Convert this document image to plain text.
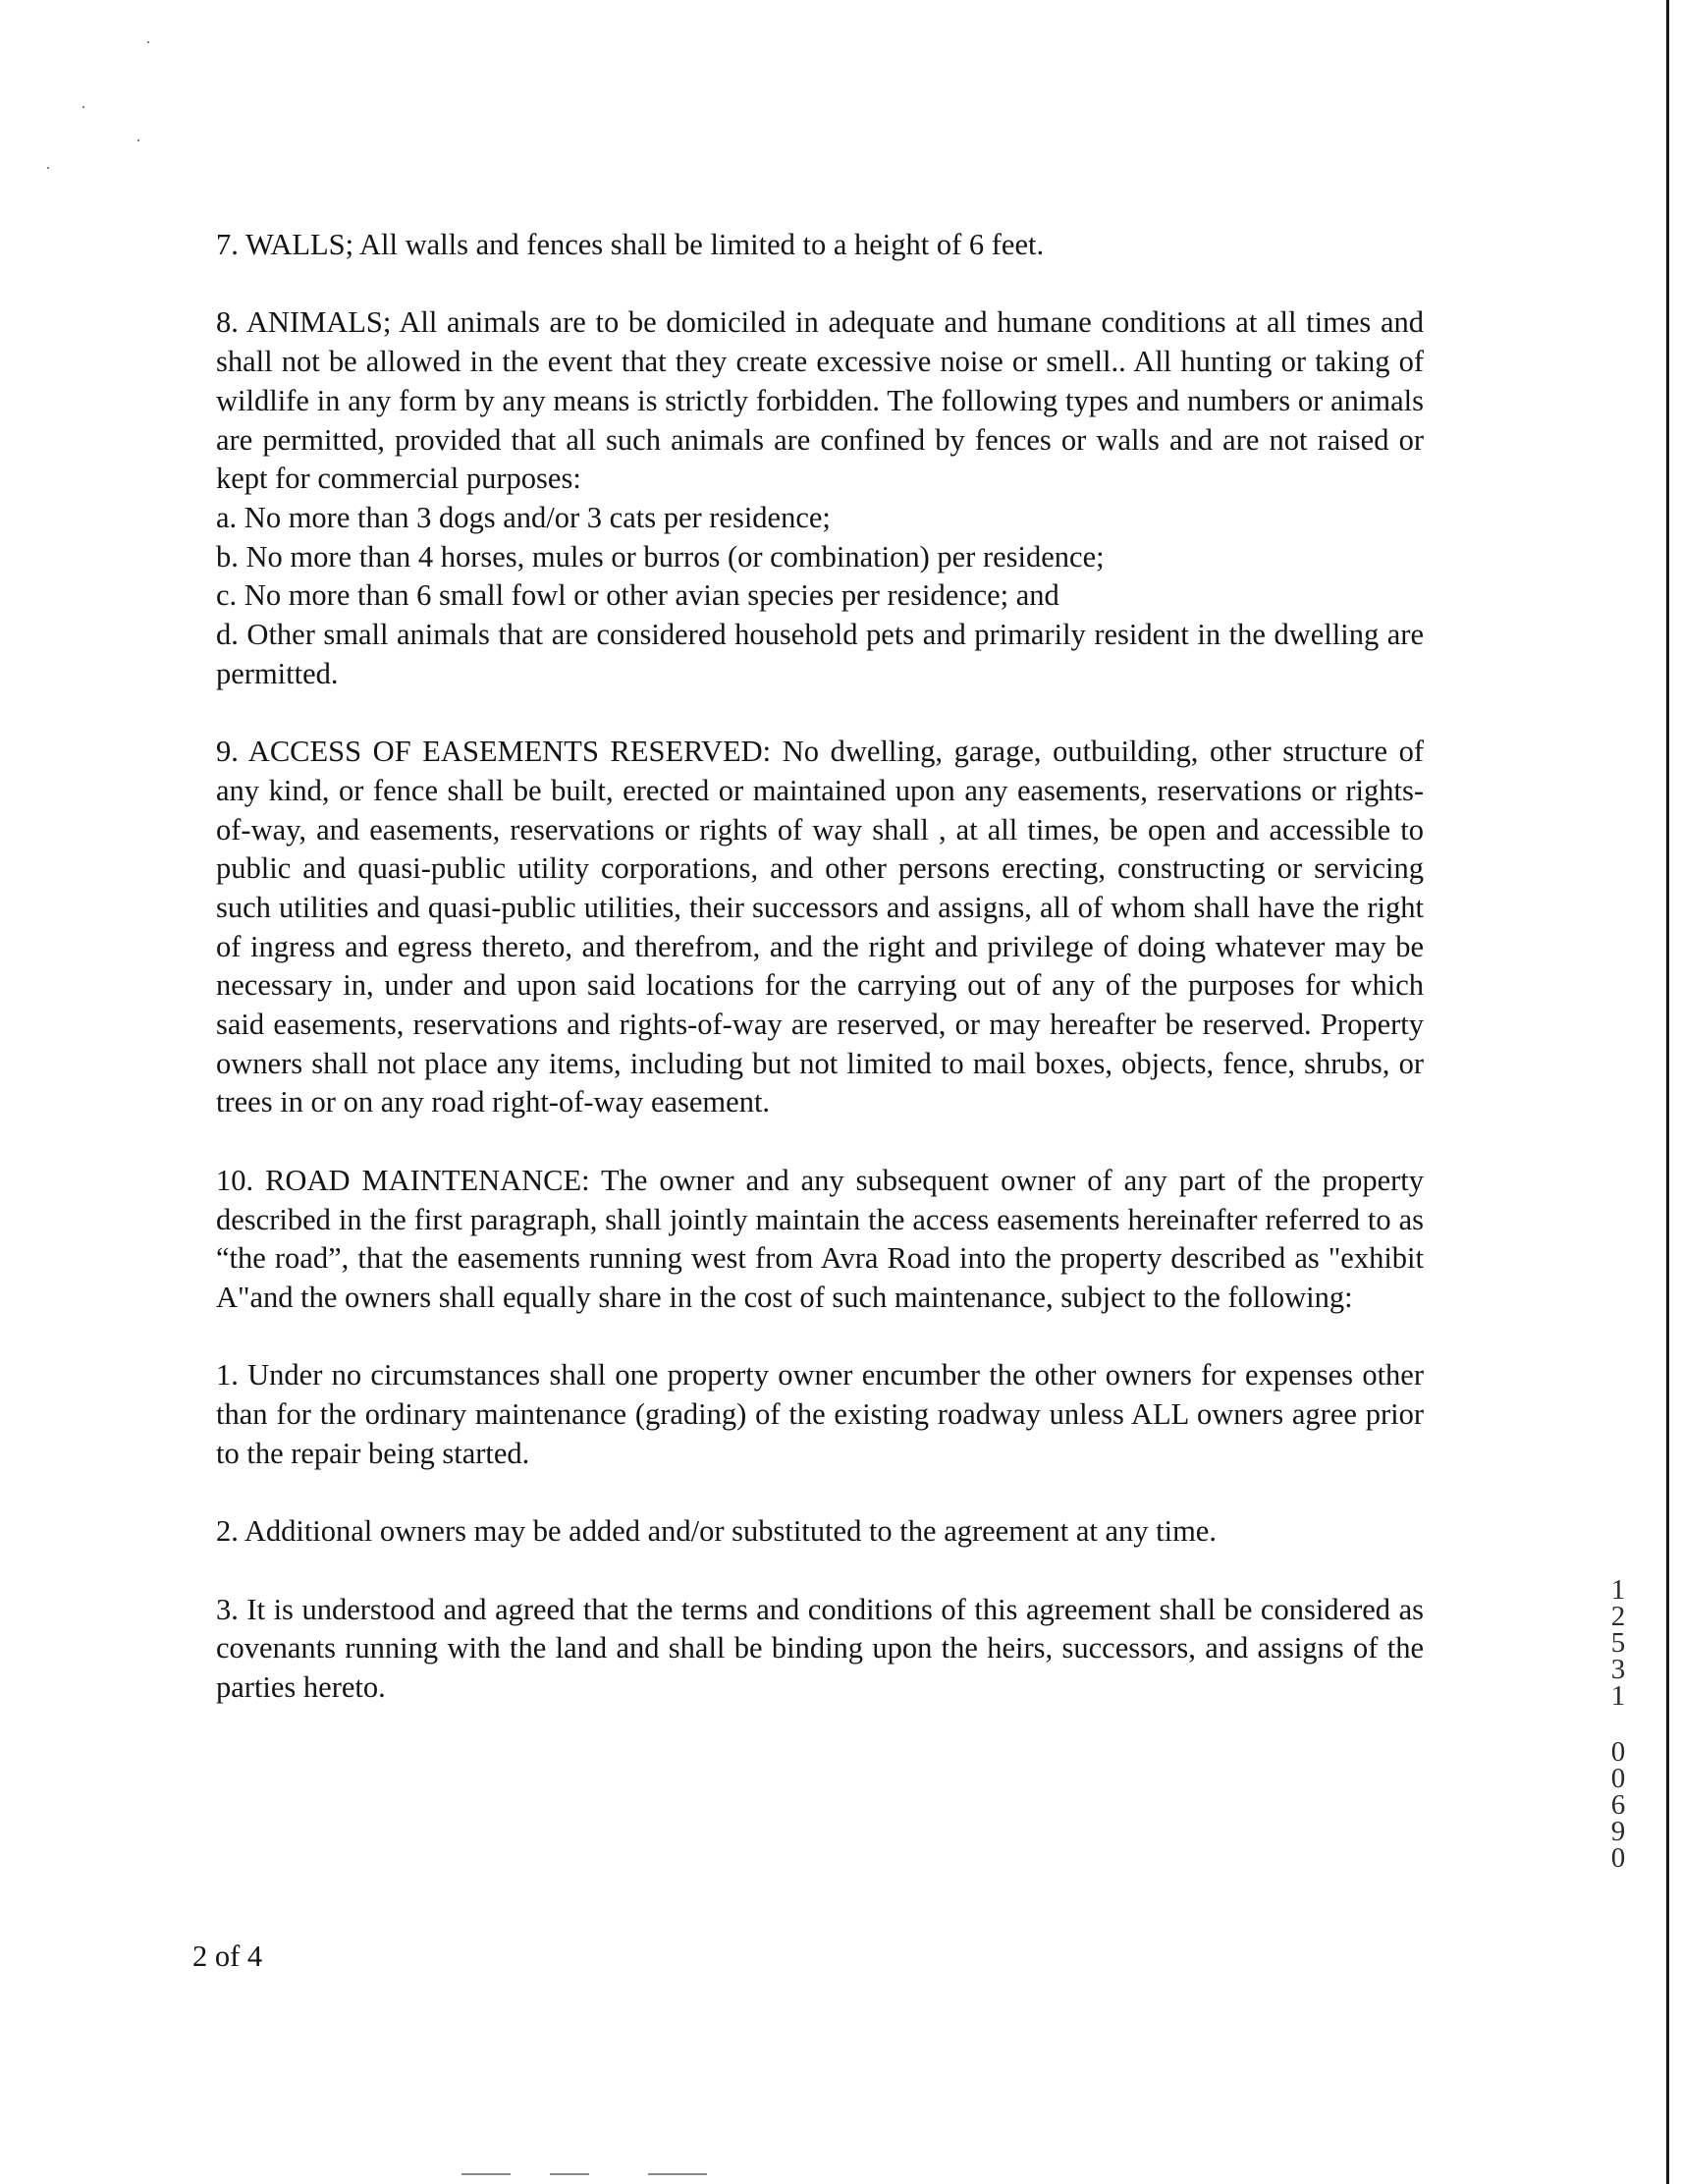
7. WALLS; All walls and fences shall be limited to a height of 6 feet.

8. ANIMALS; All animals are to be domiciled in adequate and humane conditions at all times and shall not be allowed in the event that they create excessive noise or smell.. All hunting or taking of wildlife in any form by any means is strictly forbidden. The following types and numbers or animals are permitted, provided that all such animals are confined by fences or walls and are not raised or kept for commercial purposes:

a. No more than 3 dogs and/or 3 cats per residence;

b. No more than 4 horses, mules or burros (or combination) per residence;

c. No more than 6 small fowl or other avian species per residence; and

d. Other small animals that are considered household pets and primarily resident in the dwelling are permitted.

9. ACCESS OF EASEMENTS RESERVED: No dwelling, garage, outbuilding, other structure of any kind, or fence shall be built, erected or maintained upon any easements, reservations or rights-of-way, and easements, reservations or rights of way shall , at all times, be open and accessible to public and quasi-public utility corporations, and other persons erecting, constructing or servicing such utilities and quasi-public utilities, their successors and assigns, all of whom shall have the right of ingress and egress thereto, and therefrom, and the right and privilege of doing whatever may be necessary in, under and upon said locations for the carrying out of any of the purposes for which said easements, reservations and rights-of-way are reserved, or may hereafter be reserved. Property owners shall not place any items, including but not limited to mail boxes, objects, fence, shrubs, or trees in or on any road right-of-way easement.

10. ROAD MAINTENANCE: The owner and any subsequent owner of any part of the property described in the first paragraph, shall jointly maintain the access easements hereinafter referred to as “the road”, that the easements running west from Avra Road into the property described as "exhibit A"and the owners shall equally share in the cost of such maintenance, subject to the following:

1. Under no circumstances shall one property owner encumber the other owners for expenses other than for the ordinary maintenance (grading) of the existing roadway unless ALL owners agree prior to the repair being started.

2. Additional owners may be added and/or substituted to the agreement at any time.

3. It is understood and agreed that the terms and conditions of this agreement shall be considered as covenants running with the land and shall be binding upon the heirs, successors, and assigns of the parties hereto.

2 of 4
1
2
5
3
1
0
0
6
9
0
